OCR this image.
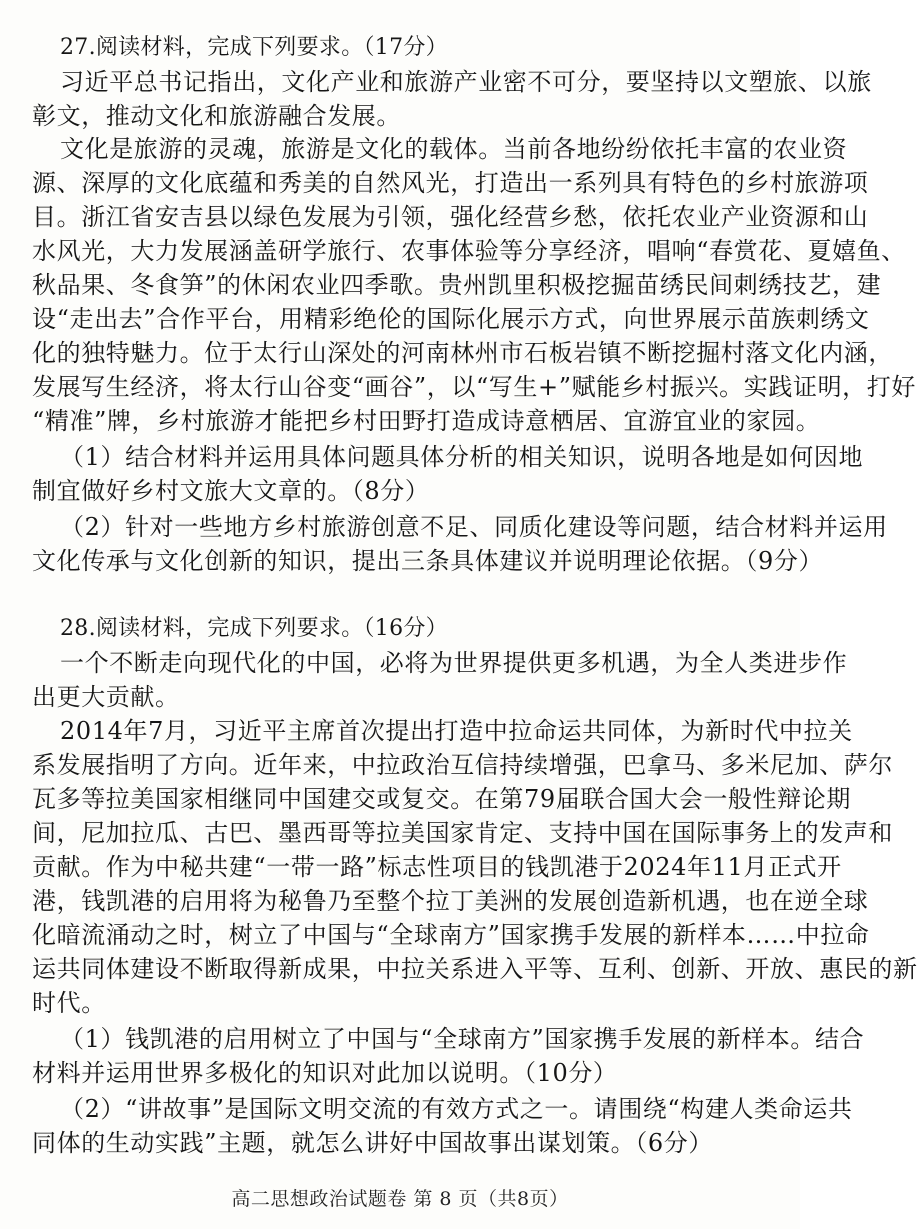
27.阅读材料，完成下列要求。（17分）
习近平总书记指出，文化产业和旅游产业密不可分，要坚持以文塑旅、以旅
彰文，推动文化和旅游融合发展。
文化是旅游的灵魂，旅游是文化的载体。当前各地纷纷依托丰富的农业资
源、深厚的文化底蕴和秀美的自然风光，打造出一系列具有特色的乡村旅游项
目。浙江省安吉县以绿色发展为引领，强化经营乡愁，依托农业产业资源和山
水风光，大力发展涵盖研学旅行、农事体验等分享经济，唱响“春赏花、夏嬉鱼、
秋品果、冬食笋”的休闲农业四季歌。贵州凯里积极挖掘苗绣民间刺绣技艺，建
设“走出去”合作平台，用精彩绝伦的国际化展示方式，向世界展示苗族刺绣文
化的独特魅力。位于太行山深处的河南林州市石板岩镇不断挖掘村落文化内涵，
发展写生经济，将太行山谷变“画谷”，以“写生+”赋能乡村振兴。实践证明，打好
“精准”牌，乡村旅游才能把乡村田野打造成诗意栖居、宜游宜业的家园。
（1）结合材料并运用具体问题具体分析的相关知识，说明各地是如何因地
制宜做好乡村文旅大文章的。（8分）
（2）针对一些地方乡村旅游创意不足、同质化建设等问题，结合材料并运用
文化传承与文化创新的知识，提出三条具体建议并说明理论依据。（9分）
28.阅读材料，完成下列要求。（16分）
一个不断走向现代化的中国，必将为世界提供更多机遇，为全人类进步作
出更大贡献。
2014年7月，习近平主席首次提出打造中拉命运共同体，为新时代中拉关
系发展指明了方向。近年来，中拉政治互信持续增强，巴拿马、多米尼加、萨尔
瓦多等拉美国家相继同中国建交或复交。在第79届联合国大会一般性辩论期
间，尼加拉瓜、古巴、墨西哥等拉美国家肯定、支持中国在国际事务上的发声和
贡献。作为中秘共建“一带一路”标志性项目的钱凯港于2024年11月正式开
港，钱凯港的启用将为秘鲁乃至整个拉丁美洲的发展创造新机遇，也在逆全球
化暗流涌动之时，树立了中国与“全球南方”国家携手发展的新样本……中拉命
运共同体建设不断取得新成果，中拉关系进入平等、互利、创新、开放、惠民的新
时代。
（1）钱凯港的启用树立了中国与“全球南方”国家携手发展的新样本。结合
材料并运用世界多极化的知识对此加以说明。（10分）
（2）“讲故事”是国际文明交流的有效方式之一。请围绕“构建人类命运共
同体的生动实践”主题，就怎么讲好中国故事出谋划策。（6分）
高二思想政治试题卷 第 8 页（共8页）
